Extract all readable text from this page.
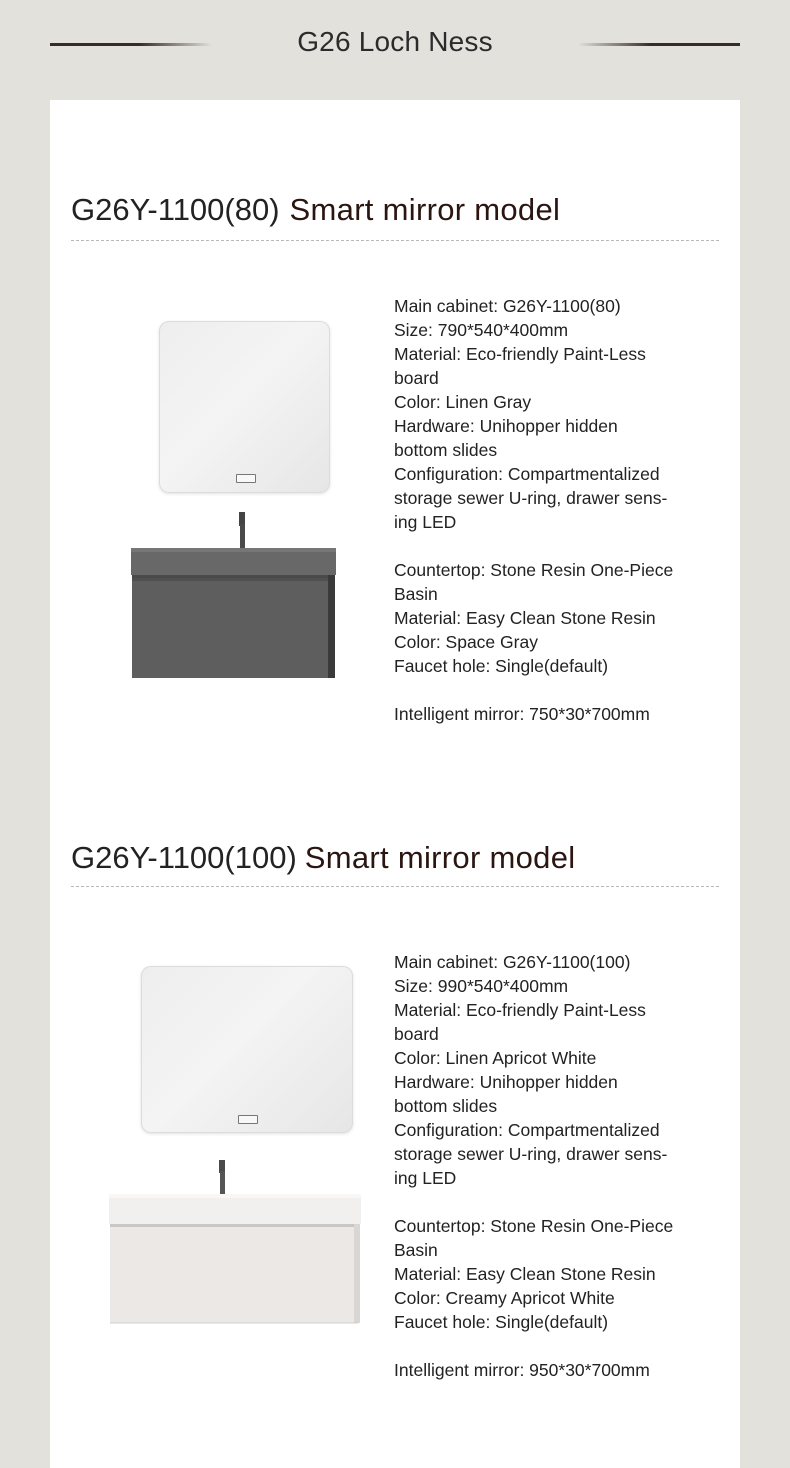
G26 Loch Ness
G26Y-1100(80) Smart mirror model

Main cabinet: G26Y-1100(80)

Size: 790*540*400mm

Material: Eco-friendly Paint-Less

board

Color: Linen Gray

Hardware: Unihopper hidden

bottom slides

Configuration: Compartmentalized

storage sewer U-ring, drawer sens-

ing LED

Countertop: Stone Resin One-Piece

Basin

Material: Easy Clean Stone Resin

Color: Space Gray

Faucet hole: Single(default)

Intelligent mirror: 750*30*700mm

G26Y-1100(100) Smart mirror model

Main cabinet: G26Y-1100(100)

Size: 990*540*400mm

Material: Eco-friendly Paint-Less

board

Color: Linen Apricot White

Hardware: Unihopper hidden

bottom slides

Configuration: Compartmentalized

storage sewer U-ring, drawer sens-

ing LED

Countertop: Stone Resin One-Piece

Basin

Material: Easy Clean Stone Resin

Color: Creamy Apricot White

Faucet hole: Single(default)

Intelligent mirror: 950*30*700mm
